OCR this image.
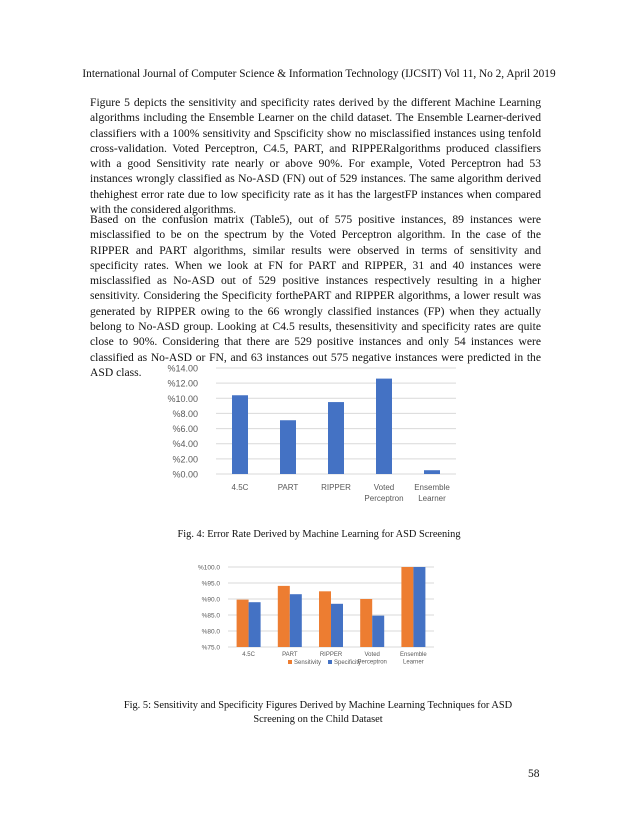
International Journal of Computer Science & Information Technology (IJCSIT) Vol 11, No 2, April 2019

Figure 5 depicts the sensitivity and specificity rates derived by the different Machine Learning algorithms including the Ensemble Learner on the child dataset. The Ensemble Learner-derived classifiers with a 100% sensitivity and Spscificity show no misclassified instances using tenfold cross-validation. Voted Perceptron, C4.5, PART, and RIPPERalgorithms produced classifiers with a good Sensitivity rate nearly or above 90%. For example, Voted Perceptron had 53 instances wrongly classified as No-ASD (FN) out of 529 instances. The same algorithm derived thehighest error rate due to low specificity rate as it has the largestFP instances when compared with the considered algorithms.

Based on the confusion matrix (Table5), out of 575 positive instances, 89 instances were misclassified to be on the spectrum by the Voted Perceptron algorithm. In the case of the RIPPER and PART algorithms, similar results were observed in terms of sensitivity and specificity rates. When we look at FN for PART and RIPPER, 31 and 40 instances were misclassified as No-ASD out of 529 positive instances respectively resulting in a higher sensitivity. Considering the Specificity forthePART and RIPPER algorithms, a lower result was generated by RIPPER owing to the 66 wrongly classified instances (FP) when they actually belong to No-ASD group. Looking at C4.5 results, thesensitivity and specificity rates are quite close to 90%. Considering that there are 529 positive instances and only 54 instances were classified as No-ASD or FN, and 63 instances out 575 negative instances were predicted in the ASD class.

%0.00
%2.00
%4.00
%6.00
%8.00
%10.00
%12.00
%14.00
4.5C	PART	RIPPER	Voted
Perceptron
Ensemble
Learner
Fig. 4: Error Rate Derived by Machine Learning for ASD Screening
%75.0
%80.0
%85.0
%90.0
%95.0
%100.0
4.5C	PART	RIPPER	Voted
Perceptron
Ensemble
Learner
Sensitivity Specificity
Fig. 5: Sensitivity and Specificity Figures Derived by Machine Learning Techniques for ASD Screening on the Child Dataset
58
